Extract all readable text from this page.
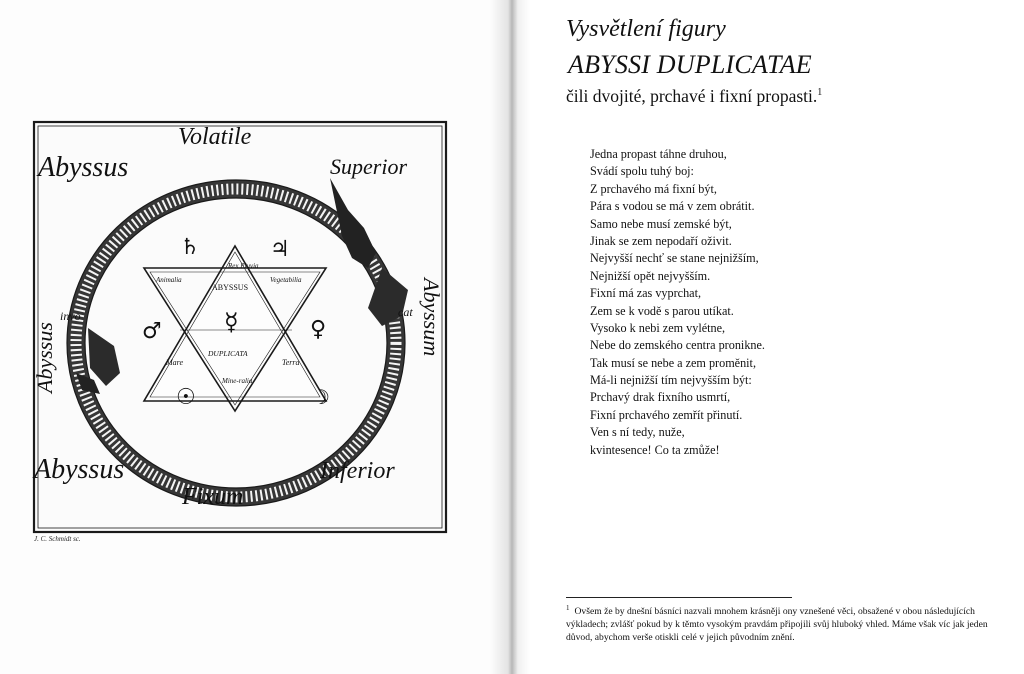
Volatile
Abyssus	Superior
Abyssus
invo	Abyssum
cat
Abyssus	Inferior
Fixum
Rex Pluvia
Animalia	Vegetabilia
ABYSSUS
DUPLICATA
Mare	Terra
Mine-ralia
♄	♃
♂	♀
☿
☉	☽
J. C. Schmidt sc.
Vysvětlení figury
ABYSSI DUPLICATAE
čili dvojité, prchavé i fixní propasti.$^1$
Jedna propast táhne druhou,
Svádí spolu tuhý boj:
Z prchavého má fixní být,
Pára s vodou se má v zem obrátit.
Samo nebe musí zemské být,
Jinak se zem nepodaří oživit.
Nejvyšší nechť se stane nejnižším,
Nejnižší opět nejvyšším.
Fixní má zas vyprchat,
Zem se k vodě s parou utíkat.
Vysoko k nebi zem vylétne,
Nebe do zemského centra pronikne.
Tak musí se nebe a zem proměnit,
Má-li nejnižší tím nejvyšším být:
Prchavý drak fixního usmrtí,
Fixní prchavého zemřít přinutí.
Ven s ní tedy, nuže,
kvintesence! Co ta zmůže!
$^1$ Ovšem že by dnešní básníci nazvali mnohem krásněji ony vznešené věci, obsažené v obou následujících výkladech; zvlášť pokud by k těmto vysokým pravdám připojili svůj hluboký vhled. Máme však víc jak jeden důvod, abychom verše otiskli celé v jejich původním znění.
